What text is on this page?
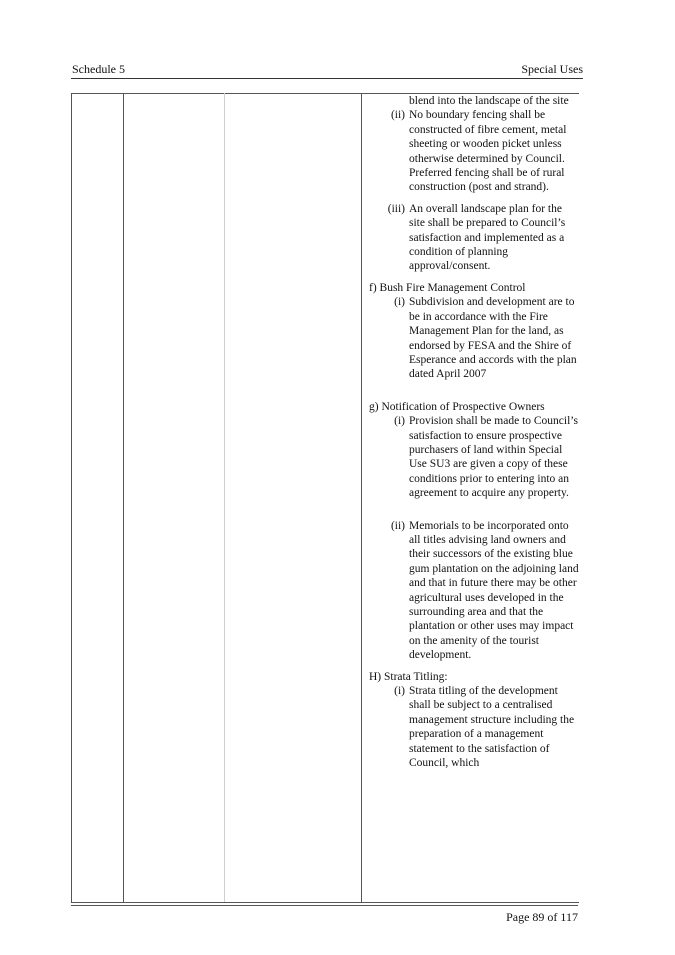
Schedule 5	Special Uses

blend into the landscape of the site

(ii) No boundary fencing shall be constructed of fibre cement, metal sheeting or wooden picket unless otherwise determined by Council. Preferred fencing shall be of rural construction (post and strand).

(iii) An overall landscape plan for the site shall be prepared to Council’s satisfaction and implemented as a condition of planning approval/consent.

f) Bush Fire Management Control

(i) Subdivision and development are to be in accordance with the Fire Management Plan for the land, as endorsed by FESA and the Shire of Esperance and accords with the plan dated April 2007

g) Notification of Prospective Owners

(i) Provision shall be made to Council’s satisfaction to ensure prospective purchasers of land within Special Use SU3 are given a copy of these conditions prior to entering into an agreement to acquire any property.

(ii) Memorials to be incorporated onto all titles advising land owners and their successors of the existing blue gum plantation on the adjoining land and that in future there may be other agricultural uses developed in the surrounding area and that the plantation or other uses may impact on the amenity of the tourist development.

H) Strata Titling:

(i) Strata titling of the development shall be subject to a centralised management structure including the preparation of a management statement to the satisfaction of Council, which

Page 89 of 117
